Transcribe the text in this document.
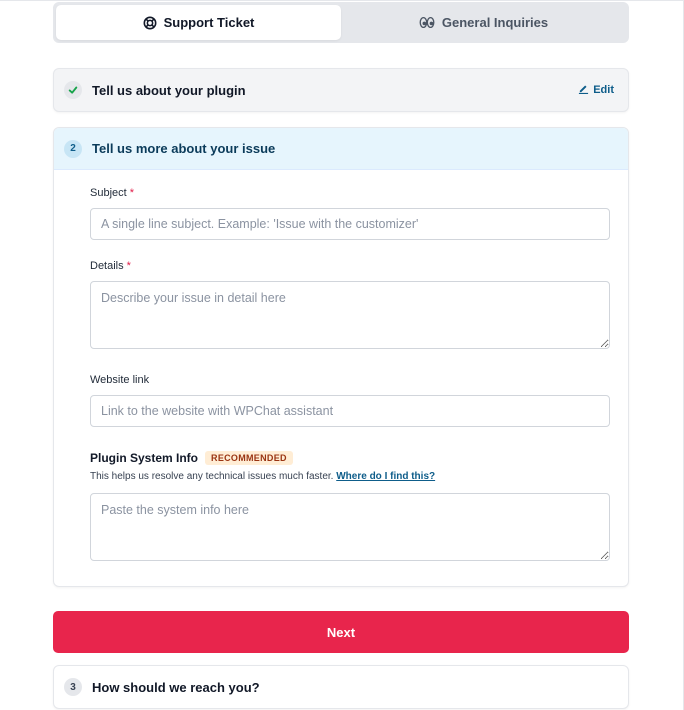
Support Ticket	General Inquiries
Tell us about your plugin	Edit
2	Tell us more about your issue
Subject *
A single line subject. Example: 'Issue with the customizer'
Details *
Describe your issue in detail here
Website link
Link to the website with WPChat assistant
Plugin System Info	RECOMMENDED
This helps us resolve any technical issues much faster. Where do I find this?
Paste the system info here
Next
3	How should we reach you?
